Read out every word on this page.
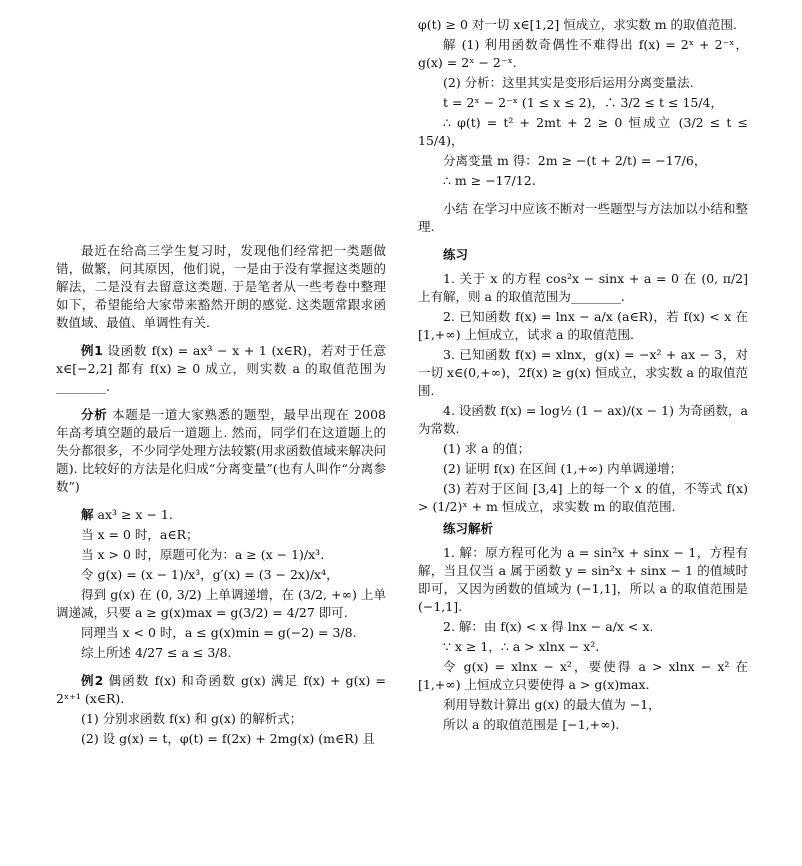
最近在给高三学生复习时，发现他们经常把一类题做错，做繁，问其原因，他们说，一是由于没有掌握这类题的解法，二是没有去留意这类题. 于是笔者从一些考卷中整理如下，希望能给大家带来豁然开朗的感觉. 这类题常跟求函数值域、最值、单调性有关.

例1 设函数 f(x) = ax³ − x + 1 (x∈R)，若对于任意 x∈[−2,2] 都有 f(x) ≥ 0 成立，则实数 a 的取值范围为________.

分析 本题是一道大家熟悉的题型，最早出现在 2008 年高考填空题的最后一道题上. 然而，同学们在这道题上的失分都很多，不少同学处理方法较繁(用求函数值域来解决问题). 比较好的方法是化归成“分离变量”(也有人叫作“分离参数”)

解 ax³ ≥ x − 1.

当 x = 0 时，a∈R；

当 x > 0 时，原题可化为：a ≥ (x − 1)/x³.

令 g(x) = (x − 1)/x³，g′(x) = (3 − 2x)/x⁴，

得到 g(x) 在 (0, 3/2) 上单调递增，在 (3/2, +∞) 上单调递减，只要 a ≥ g(x)max = g(3/2) = 4/27 即可.

同理当 x < 0 时，a ≤ g(x)min = g(−2) = 3/8.

综上所述 4/27 ≤ a ≤ 3/8.

例2 偶函数 f(x) 和奇函数 g(x) 满足 f(x) + g(x) = 2ˣ⁺¹ (x∈R).

(1) 分别求函数 f(x) 和 g(x) 的解析式；

(2) 设 g(x) = t，φ(t) = f(2x) + 2mg(x) (m∈R) 且

φ(t) ≥ 0 对一切 x∈[1,2] 恒成立，求实数 m 的取值范围.

解 (1) 利用函数奇偶性不难得出 f(x) = 2ˣ + 2⁻ˣ，g(x) = 2ˣ − 2⁻ˣ.

(2) 分析：这里其实是变形后运用分离变量法.

t = 2ˣ − 2⁻ˣ (1 ≤ x ≤ 2)，∴ 3/2 ≤ t ≤ 15/4，

∴ φ(t) = t² + 2mt + 2 ≥ 0 恒成立 (3/2 ≤ t ≤ 15/4)，

分离变量 m 得：2m ≥ −(t + 2/t) = −17/6，

∴ m ≥ −17/12.

小结 在学习中应该不断对一些题型与方法加以小结和整理.

练习

1. 关于 x 的方程 cos²x − sinx + a = 0 在 (0, π/2] 上有解，则 a 的取值范围为________.

2. 已知函数 f(x) = lnx − a/x (a∈R)，若 f(x) < x 在 [1,+∞) 上恒成立，试求 a 的取值范围.

3. 已知函数 f(x) = xlnx，g(x) = −x² + ax − 3，对一切 x∈(0,+∞)，2f(x) ≥ g(x) 恒成立，求实数 a 的取值范围.

4. 设函数 f(x) = log½ (1 − ax)/(x − 1) 为奇函数，a 为常数.

(1) 求 a 的值；

(2) 证明 f(x) 在区间 (1,+∞) 内单调递增；

(3) 若对于区间 [3,4] 上的每一个 x 的值，不等式 f(x) > (1/2)ˣ + m 恒成立，求实数 m 的取值范围.

练习解析

1. 解：原方程可化为 a = sin²x + sinx − 1，方程有解，当且仅当 a 属于函数 y = sin²x + sinx − 1 的值域时即可，又因为函数的值域为 (−1,1]，所以 a 的取值范围是 (−1,1].

2. 解：由 f(x) < x 得 lnx − a/x < x.

∵ x ≥ 1，∴ a > xlnx − x².

令 g(x) = xlnx − x²，要使得 a > xlnx − x² 在 [1,+∞) 上恒成立只要使得 a > g(x)max.

利用导数计算出 g(x) 的最大值为 −1，

所以 a 的取值范围是 [−1,+∞).
